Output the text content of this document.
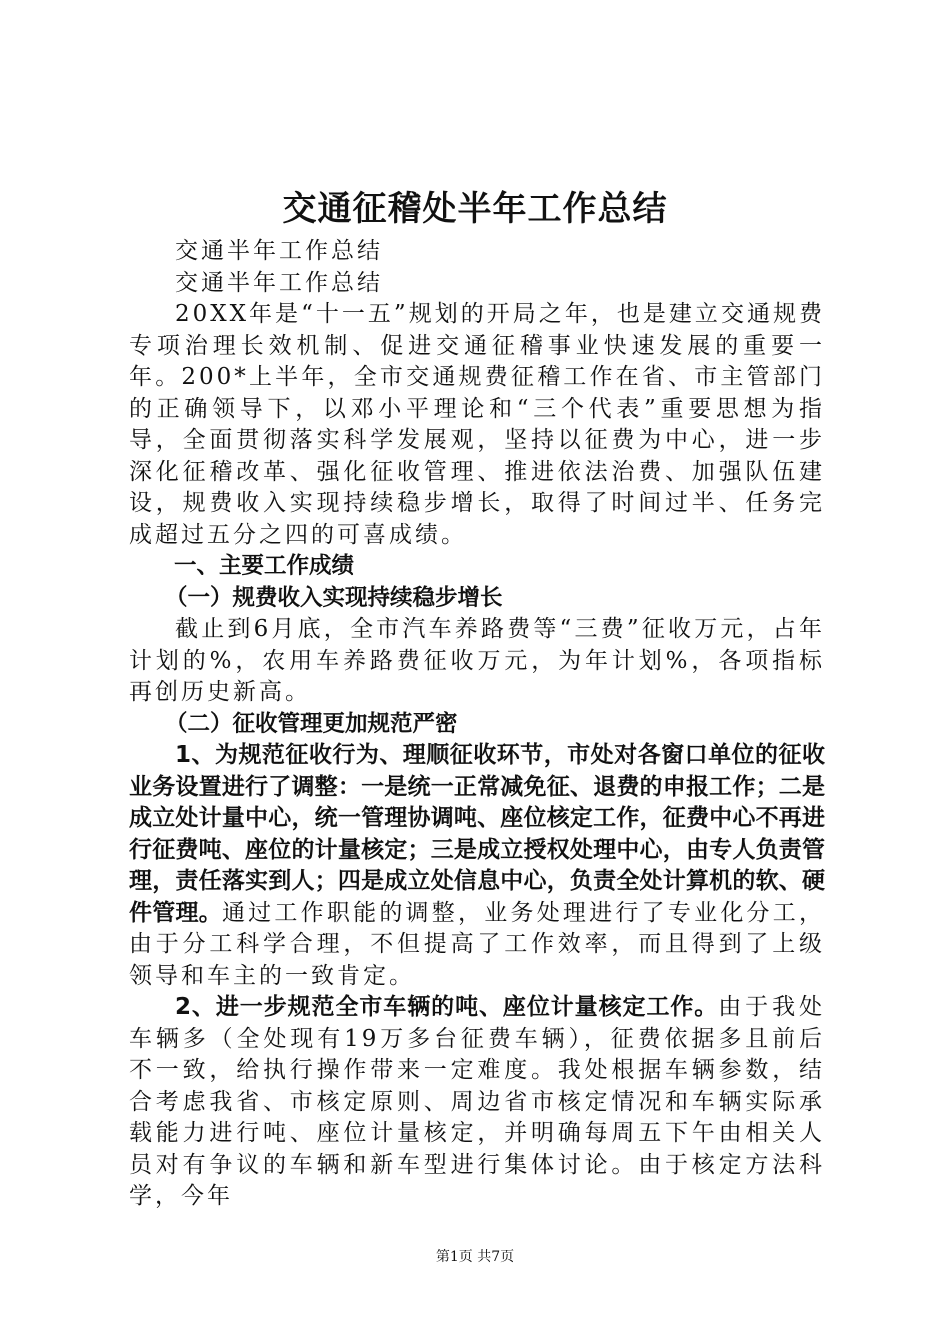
交通征稽处半年工作总结

交通半年工作总结

交通半年工作总结

20XX年是“十一五”规划的开局之年，也是建立交通规费专项治理长效机制、促进交通征稽事业快速发展的重要一年。200*上半年，全市交通规费征稽工作在省、市主管部门的正确领导下，以邓小平理论和“三个代表”重要思想为指导，全面贯彻落实科学发展观，坚持以征费为中心，进一步深化征稽改革、强化征收管理、推进依法治费、加强队伍建设，规费收入实现持续稳步增长，取得了时间过半、任务完成超过五分之四的可喜成绩。

一、主要工作成绩

（一）规费收入实现持续稳步增长

截止到6月底，全市汽车养路费等“三费”征收万元，占年计划的%，农用车养路费征收万元，为年计划%，各项指标再创历史新高。

（二）征收管理更加规范严密

1、为规范征收行为、理顺征收环节，市处对各窗口单位的征收业务设置进行了调整：一是统一正常减免征、退费的申报工作；二是成立处计量中心，统一管理协调吨、座位核定工作，征费中心不再进行征费吨、座位的计量核定；三是成立授权处理中心，由专人负责管理，责任落实到人；四是成立处信息中心，负责全处计算机的软、硬件管理。通过工作职能的调整，业务处理进行了专业化分工，由于分工科学合理，不但提高了工作效率，而且得到了上级领导和车主的一致肯定。

2、进一步规范全市车辆的吨、座位计量核定工作。由于我处车辆多（全处现有19万多台征费车辆），征费依据多且前后不一致，给执行操作带来一定难度。我处根据车辆参数，结合考虑我省、市核定原则、周边省市核定情况和车辆实际承载能力进行吨、座位计量核定，并明确每周五下午由相关人员对有争议的车辆和新车型进行集体讨论。由于核定方法科学，今年

第1页 共7页
